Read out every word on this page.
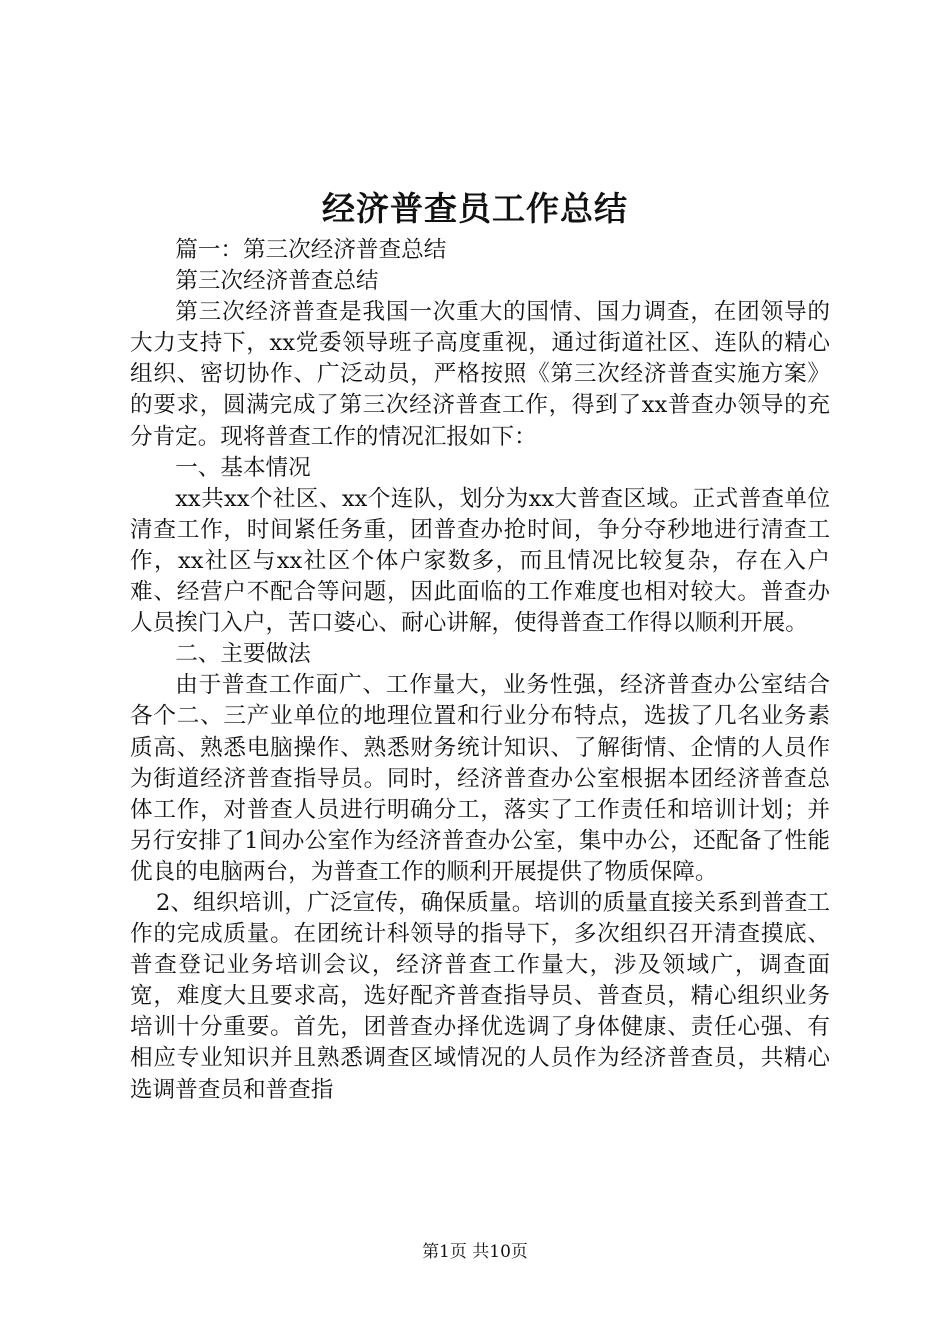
经济普查员工作总结

篇一：第三次经济普查总结

第三次经济普查总结

第三次经济普查是我国一次重大的国情、国力调查，在团领导的大力支持下，xx党委领导班子高度重视，通过街道社区、连队的精心组织、密切协作、广泛动员，严格按照《第三次经济普查实施方案》的要求，圆满完成了第三次经济普查工作，得到了xx普查办领导的充分肯定。现将普查工作的情况汇报如下：

一、基本情况

xx共xx个社区、xx个连队，划分为xx大普查区域。正式普查单位清查工作，时间紧任务重，团普查办抢时间，争分夺秒地进行清查工作，xx社区与xx社区个体户家数多，而且情况比较复杂，存在入户难、经营户不配合等问题，因此面临的工作难度也相对较大。普查办人员挨门入户，苦口婆心、耐心讲解，使得普查工作得以顺利开展。

二、主要做法

由于普查工作面广、工作量大，业务性强，经济普查办公室结合各个二、三产业单位的地理位置和行业分布特点，选拔了几名业务素质高、熟悉电脑操作、熟悉财务统计知识、了解街情、企情的人员作为街道经济普查指导员。同时，经济普查办公室根据本团经济普查总体工作，对普查人员进行明确分工，落实了工作责任和培训计划；并另行安排了1间办公室作为经济普查办公室，集中办公，还配备了性能优良的电脑两台，为普查工作的顺利开展提供了物质保障。

2、组织培训，广泛宣传，确保质量。培训的质量直接关系到普查工作的完成质量。在团统计科领导的指导下，多次组织召开清查摸底、普查登记业务培训会议，经济普查工作量大，涉及领域广，调查面宽，难度大且要求高，选好配齐普查指导员、普查员，精心组织业务培训十分重要。首先，团普查办择优选调了身体健康、责任心强、有相应专业知识并且熟悉调查区域情况的人员作为经济普查员，共精心选调普查员和普查指

第1页 共10页
